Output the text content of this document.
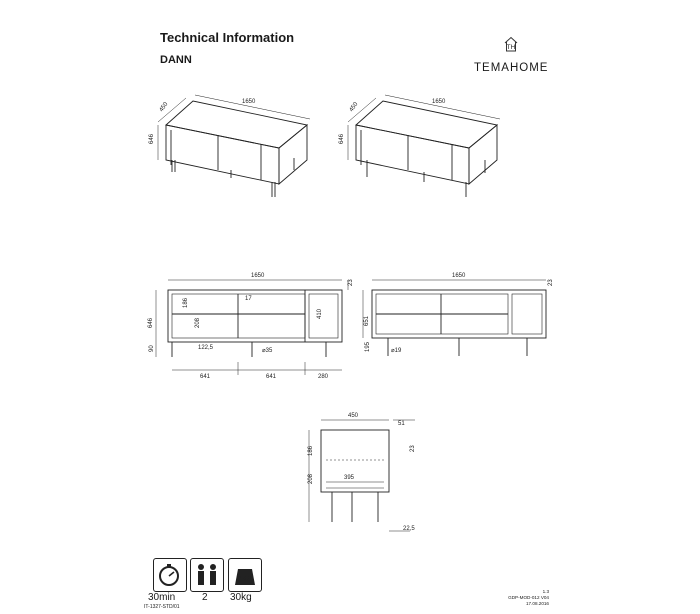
Technical Information
DANN
TH
TEMAHOME
1650
450
646
1650
450
646
1650
23
646
186
208
17
410
90	122,5	⌀35
641	641	280
1650
23
651
195	⌀19
450
51
23
186
208	395
22,5
30min	2
max.
30kg
IT-1327-STD/01
1.3
GDP-MOD-012 V04
17.08.2016
